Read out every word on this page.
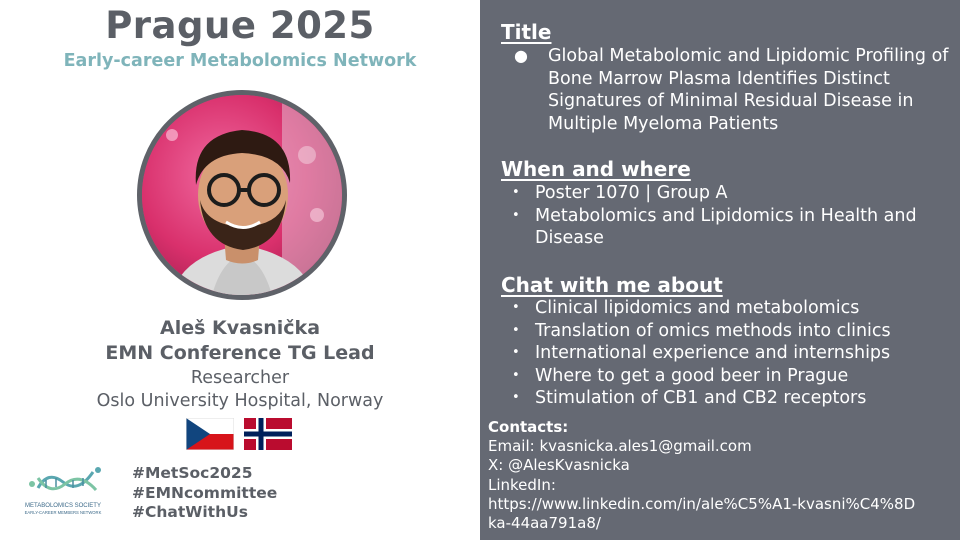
Prague 2025
Early-career Metabolomics Network
Aleš Kvasnička
EMN Conference TG Lead
Researcher
Oslo University Hospital, Norway
METABOLOMICS SOCIETY
EARLY-CAREER MEMBERS NETWORK
#MetSoc2025
#EMNcommittee
#ChatWithUs
Title
● Global Metabolomic and Lipidomic Profiling of Bone Marrow Plasma Identifies Distinct Signatures of Minimal Residual Disease in Multiple Myeloma Patients
When and where
• Poster 1070 | Group A
• Metabolomics and Lipidomics in Health and Disease
Chat with me about
• Clinical lipidomics and metabolomics
• Translation of omics methods into clinics
• International experience and internships
• Where to get a good beer in Prague
• Stimulation of CB1 and CB2 receptors
Contacts:
Email: kvasnicka.ales1@gmail.com
X: @AlesKvasnicka
LinkedIn:
https://www.linkedin.com/in/ale%C5%A1-kvasni%C4%8D
ka-44aa791a8/
